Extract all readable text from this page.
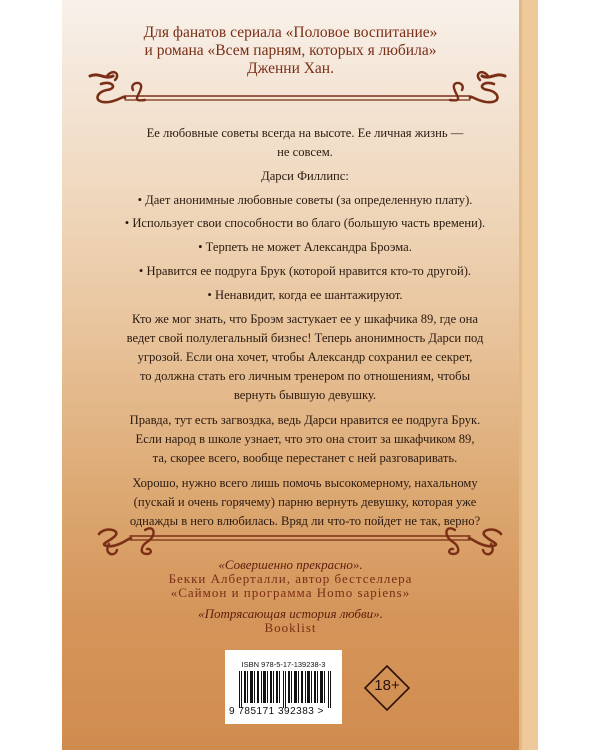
Для фанатов сериала «Половое воспитание»
и романа «Всем парням, которых я любила»
Дженни Хан.
Ее любовные советы всегда на высоте. Ее личная жизнь —
не совсем.
Дарси Филлипс:
• Дает анонимные любовные советы (за определенную плату).
• Использует свои способности во благо (большую часть времени).
• Терпеть не может Александра Броэма.
• Нравится ее подруга Брук (которой нравится кто-то другой).
• Ненавидит, когда ее шантажируют.
Кто же мог знать, что Броэм застукает ее у шкафчика 89, где она
ведет свой полулегальный бизнес! Теперь анонимность Дарси под
угрозой. Если она хочет, чтобы Александр сохранил ее секрет,
то должна стать его личным тренером по отношениям, чтобы
вернуть бывшую девушку.
Правда, тут есть загвоздка, ведь Дарси нравится ее подруга Брук.
Если народ в школе узнает, что это она стоит за шкафчиком 89,
та, скорее всего, вообще перестанет с ней разговаривать.
Хорошо, нужно всего лишь помочь высокомерному, нахальному
(пускай и очень горячему) парню вернуть девушку, которая уже
однажды в него влюбилась. Вряд ли что-то пойдет не так, верно?
«Совершенно прекрасно».
Бекки Алберталли, автор бестселлера
«Саймон и программа Homo sapiens»
«Потрясающая история любви».
Booklist
ISBN 978-5-17-139238-3
9 785171 392383 >
18+
